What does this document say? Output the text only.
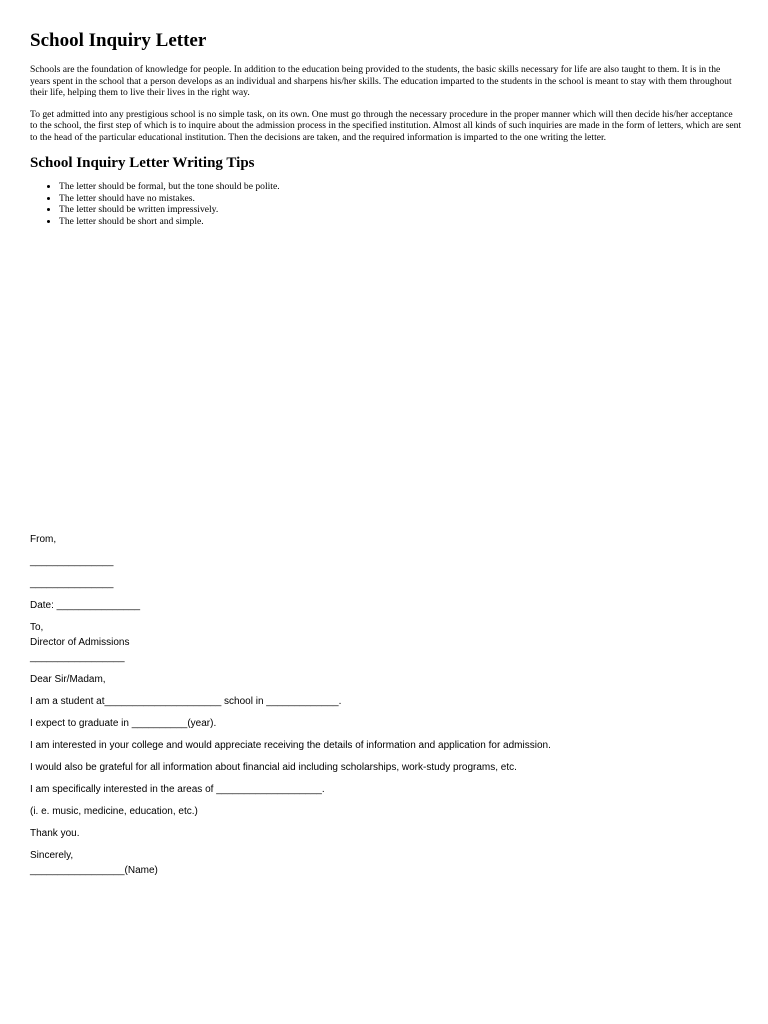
School Inquiry Letter

Schools are the foundation of knowledge for people. In addition to the education being provided to the students, the basic skills necessary for life are also taught to them. It is in the years spent in the school that a person develops as an individual and sharpens his/her skills. The education imparted to the students in the school is meant to stay with them throughout their life, helping them to live their lives in the right way.

To get admitted into any prestigious school is no simple task, on its own. One must go through the necessary procedure in the proper manner which will then decide his/her acceptance to the school, the first step of which is to inquire about the admission process in the specified institution. Almost all kinds of such inquiries are made in the form of letters, which are sent to the head of the particular educational institution. Then the decisions are taken, and the required information is imparted to the one writing the letter.

School Inquiry Letter Writing Tips
• The letter should be formal, but the tone should be polite.
• The letter should have no mistakes.
• The letter should be written impressively.
• The letter should be short and simple.
From,
_______________
_______________
Date: _______________
To,
Director of Admissions
_________________
Dear Sir/Madam,
I am a student at_____________________ school in _____________.
I expect to graduate in __________(year).
I am interested in your college and would appreciate receiving the details of information and application for admission.
I would also be grateful for all information about financial aid including scholarships, work-study programs, etc.
I am specifically interested in the areas of ___________________.
(i. e. music, medicine, education, etc.)
Thank you.
Sincerely,
_________________(Name)
